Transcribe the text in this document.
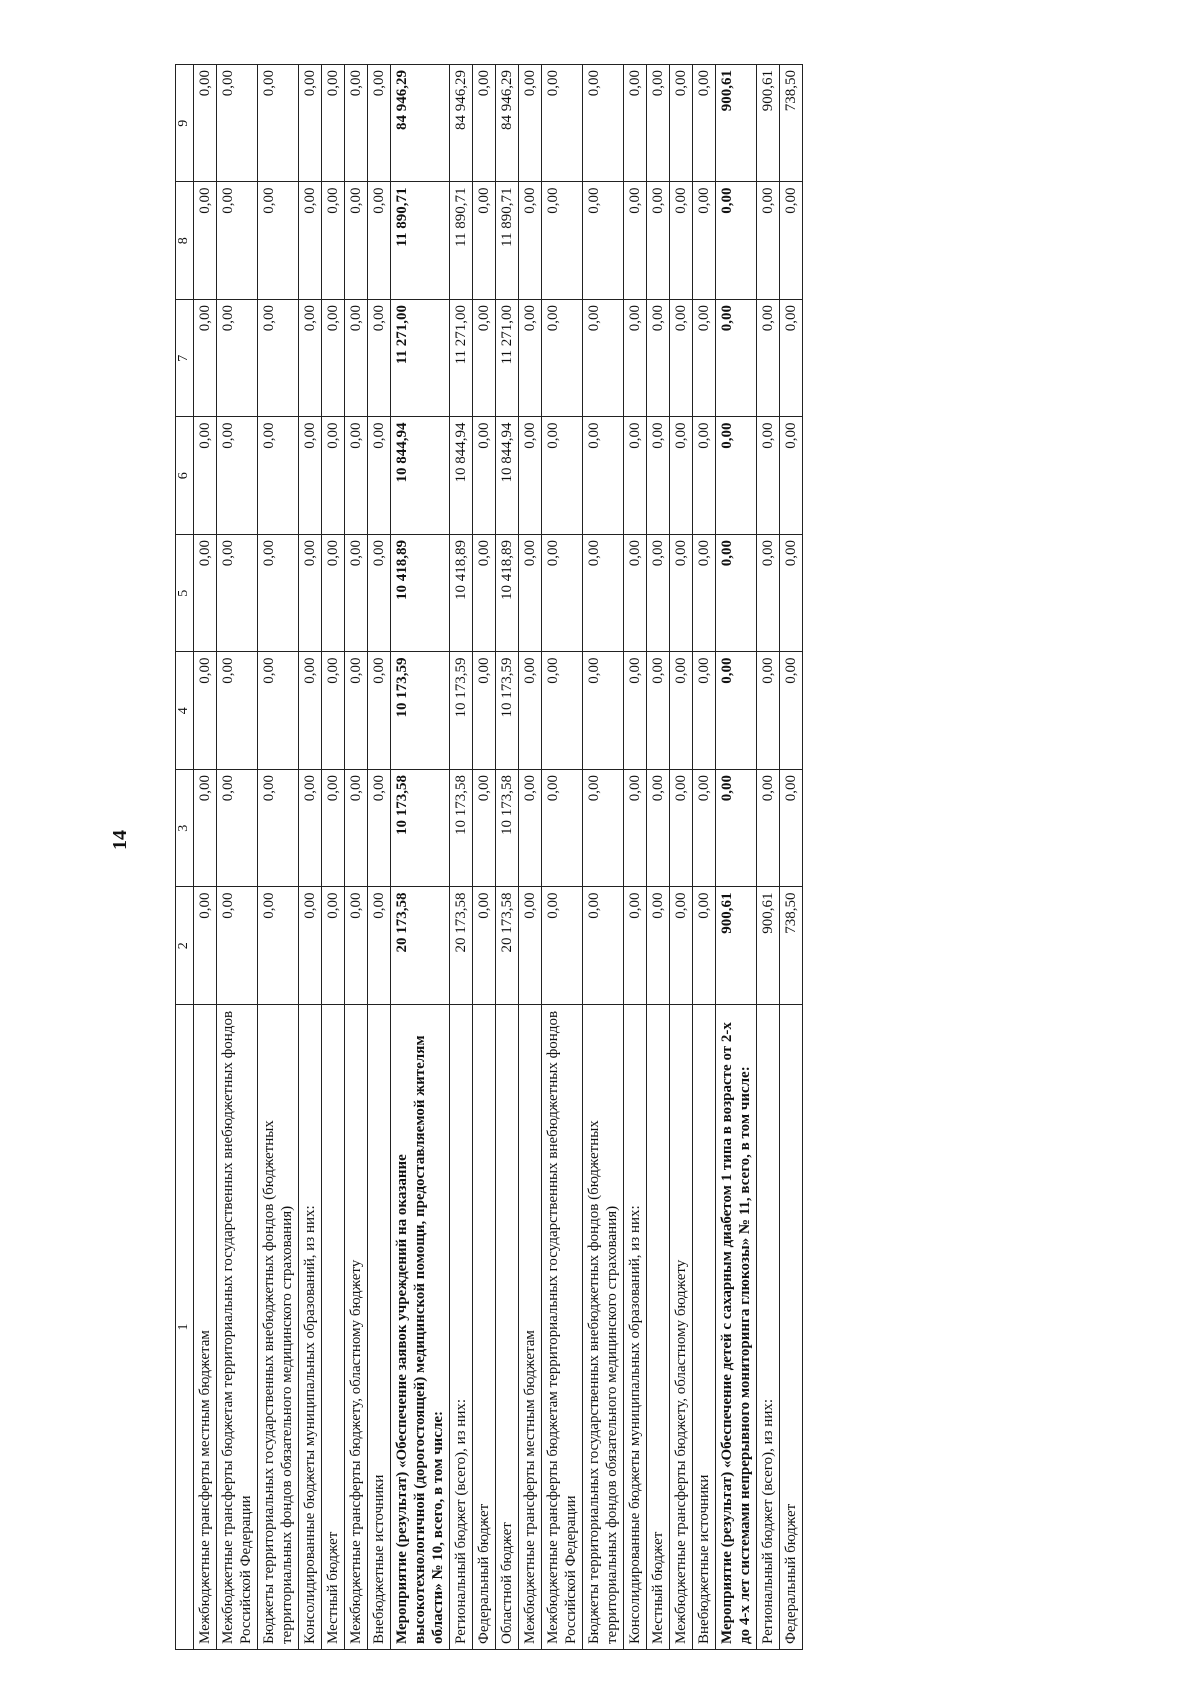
14
1	2	3	4	5	6	7	8	9
Межбюджетные трансферты местным бюджетам	0,00	0,00	0,00	0,00	0,00	0,00	0,00	0,00
Межбюджетные трансферты бюджетам территориальных государственных внебюджетных фондов Российской Федерации	0,00	0,00	0,00	0,00	0,00	0,00	0,00	0,00
Бюджеты территориальных государственных внебюджетных фондов (бюджетных территориальных фондов обязательного медицинского страхования)	0,00	0,00	0,00	0,00	0,00	0,00	0,00	0,00
Консолидированные бюджеты муниципальных образований, из них:	0,00	0,00	0,00	0,00	0,00	0,00	0,00	0,00
Местный бюджет	0,00	0,00	0,00	0,00	0,00	0,00	0,00	0,00
Межбюджетные трансферты бюджету, областному бюджету	0,00	0,00	0,00	0,00	0,00	0,00	0,00	0,00
Внебюджетные источники	0,00	0,00	0,00	0,00	0,00	0,00	0,00	0,00
Мероприятие (результат) «Обеспечение заявок учреждений на оказание высокотехнологичной (дорогостоящей) медицинской помощи, предоставляемой жителям области» № 10, всего, в том числе:	20 173,58	10 173,58	10 173,59	10 418,89	10 844,94	11 271,00	11 890,71	84 946,29
Региональный бюджет (всего), из них:	20 173,58	10 173,58	10 173,59	10 418,89	10 844,94	11 271,00	11 890,71	84 946,29
Федеральный бюджет	0,00	0,00	0,00	0,00	0,00	0,00	0,00	0,00
Областной бюджет	20 173,58	10 173,58	10 173,59	10 418,89	10 844,94	11 271,00	11 890,71	84 946,29
Межбюджетные трансферты местным бюджетам	0,00	0,00	0,00	0,00	0,00	0,00	0,00	0,00
Межбюджетные трансферты бюджетам территориальных государственных внебюджетных фондов Российской Федерации	0,00	0,00	0,00	0,00	0,00	0,00	0,00	0,00
Бюджеты территориальных государственных внебюджетных фондов (бюджетных территориальных фондов обязательного медицинского страхования)	0,00	0,00	0,00	0,00	0,00	0,00	0,00	0,00
Консолидированные бюджеты муниципальных образований, из них:	0,00	0,00	0,00	0,00	0,00	0,00	0,00	0,00
Местный бюджет	0,00	0,00	0,00	0,00	0,00	0,00	0,00	0,00
Межбюджетные трансферты бюджету, областному бюджету	0,00	0,00	0,00	0,00	0,00	0,00	0,00	0,00
Внебюджетные источники	0,00	0,00	0,00	0,00	0,00	0,00	0,00	0,00
Мероприятие (результат) «Обеспечение детей с сахарным диабетом 1 типа в возрасте от 2-х до 4-х лет системами непрерывного мониторинга глюкозы» № 11, всего, в том числе:	900,61	0,00	0,00	0,00	0,00	0,00	0,00	900,61
Региональный бюджет (всего), из них:	900,61	0,00	0,00	0,00	0,00	0,00	0,00	900,61
Федеральный бюджет	738,50	0,00	0,00	0,00	0,00	0,00	0,00	738,50
